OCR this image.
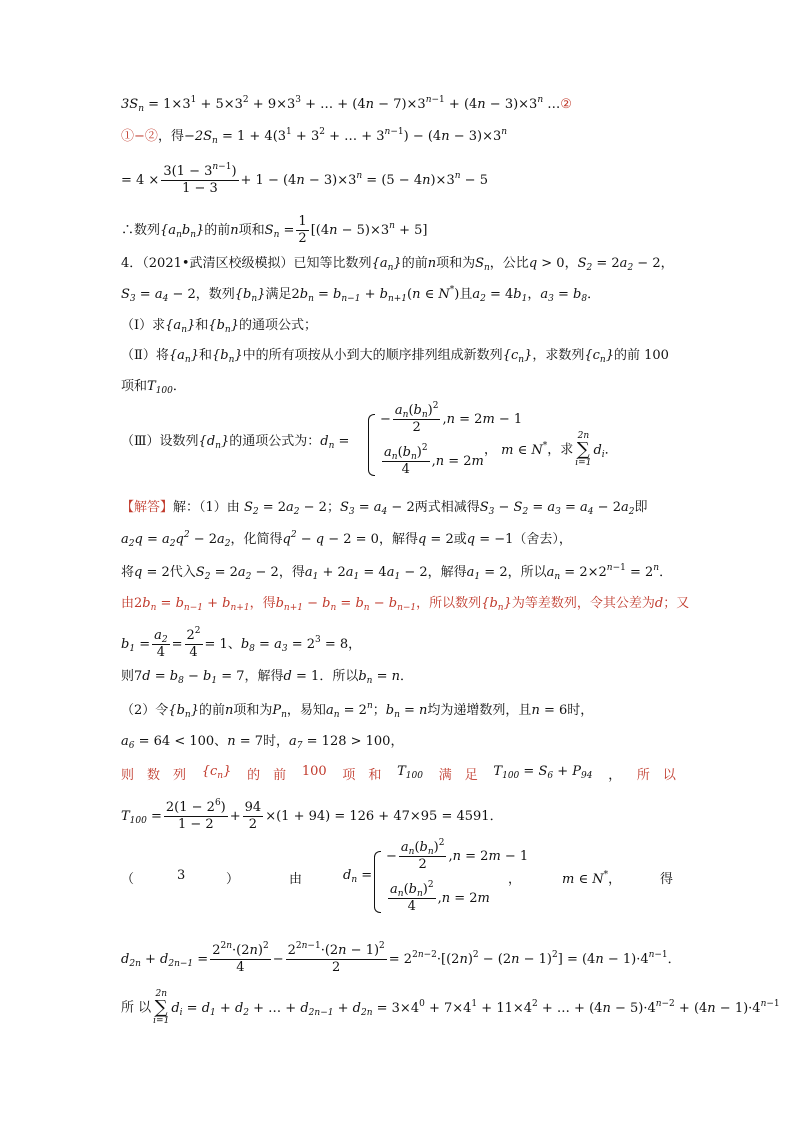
$3S_n = 1\times 3^1 + 5\times 3^2 + 9\times 3^3$ + … + $(4n - 7)\times 3^{n-1} + (4n - 3)\times 3^n$ …②
①−②，得$-2S_n = 1 + 4(3^1 + 3^2$ + … + $3^{n-1}) - (4n - 3)\times 3^n$
= $4 \times \frac{3(1 - 3^{n-1})}{1 - 3} + 1 - (4n - 3)\times 3^n = (5 - 4n)\times 3^n - 5$
∴数列$\{a_nb_n\}$的前n项和$S_n = \frac{1}{2} [(4n - 5)\times 3^n + 5]$
4．（2021•武清区校级模拟）已知等比数列$\{a_n\}$的前n项和为$S_n$，公比q > 0，$S_2 = 2a_2 - 2$，
$S_3 = a_4 - 2$，数列$\{b_n\}$满足$2b_n = b_{n-1} + b_{n+1}(n$ ∈ N*)且$a_2 = 4b_1$，$a_3 = b_8$．
（Ⅰ）求$\{a_n\}$和$\{b_n\}$的通项公式；
（Ⅱ）将$\{a_n\}$和$\{b_n\}$中的所有项按从小到大的顺序排列组成新数列$\{c_n\}$，求数列$\{c_n\}$的前 100
项和$T_{100}$．
（Ⅲ）设数列$\{d_n\}$的通项公式为：$d_n$ =
− $\frac{a_n(b_n)^2}{2} ,n = 2m - 1$
$\frac{a_n(b_n)^2}{4} ,n = 2m$
， m ∈ N*，求2n
∑
$i=1d_i$．
【解答】解：（1）由 $S_2 = 2a_2 - 2$；$S_3 = a_4 - 2$两式相减得$S_3 - S_2 = a_3 = a_4 - 2a_2$即
$a_2q = a_2q^2 - 2a_2$，化简得$q^2 - q - 2 = 0$，解得q = 2或q = −1（舍去），
将q = 2代入$S_2 = 2a_2 - 2$，得$a_1 + 2a_1 = 4a_1 - 2$，解得$a_1 = 2$，所以$a_n = 2\times 2^{n-1} = 2^n$．
由$2b_n = b_{n-1} + b_{n+1}$，得$b_{n+1} - b_n = b_n - b_{n-1}$，所以数列$\{b_n\}$为等差数列，令其公差为d；又
$b_1 = \frac{a_2}{4} = \frac{2^2}{4} = 1$、$b_8 = a_3 = 2^3 = 8$，
则$7d = b_8 - b_1 = 7$，解得d = 1．所以$b_n = n$．
（2）令$\{b_n\}$的前n项和为$P_n$，易知$a_n = 2^n$；$b_n = n$均为递增数列，且n = 6时，
$a_6 = 64 < 100$、n = 7时，$a_7 = 128 > 100$，
则　数　列 $\{c_n\}$ 的　前 100 项　和 $T_{100}$ 满　足 $T_{100} = S_6 + P_{94}$ ， 所　以
$T_{100} = \frac{2(1 - 2^6)}{1 - 2} + \frac{94}{2} \times(1 + 94) = 126 + 47\times 95 = 4591$．
（	3	）	由	$d_n$ =
− $\frac{a_n(b_n)^2}{2} ,n = 2m - 1$
$\frac{a_n(b_n)^2}{4} ,n = 2m$
，	m ∈ N*，	得
$d_{2n} + d_{2n-1} = \frac{2^{2n}\cdot(2n)^2}{4} - \frac{2^{2n-1}\cdot(2n - 1)^2}{2} = 2^{2n-2}\cdot[(2n)^2 - (2n - 1)^2] = (4n - 1)\cdot 4^{n-1}$．
所 以2n
∑
$i=1d_i = d_1 + d_2$ + … + $d_{2n-1} + d_{2n} = 3\times 4^0 + 7\times 4^1 + 11\times 4^2$ + … + $(4n - 5)\cdot 4^{n-2} + (4n - 1)\cdot 4^{n-1}$
